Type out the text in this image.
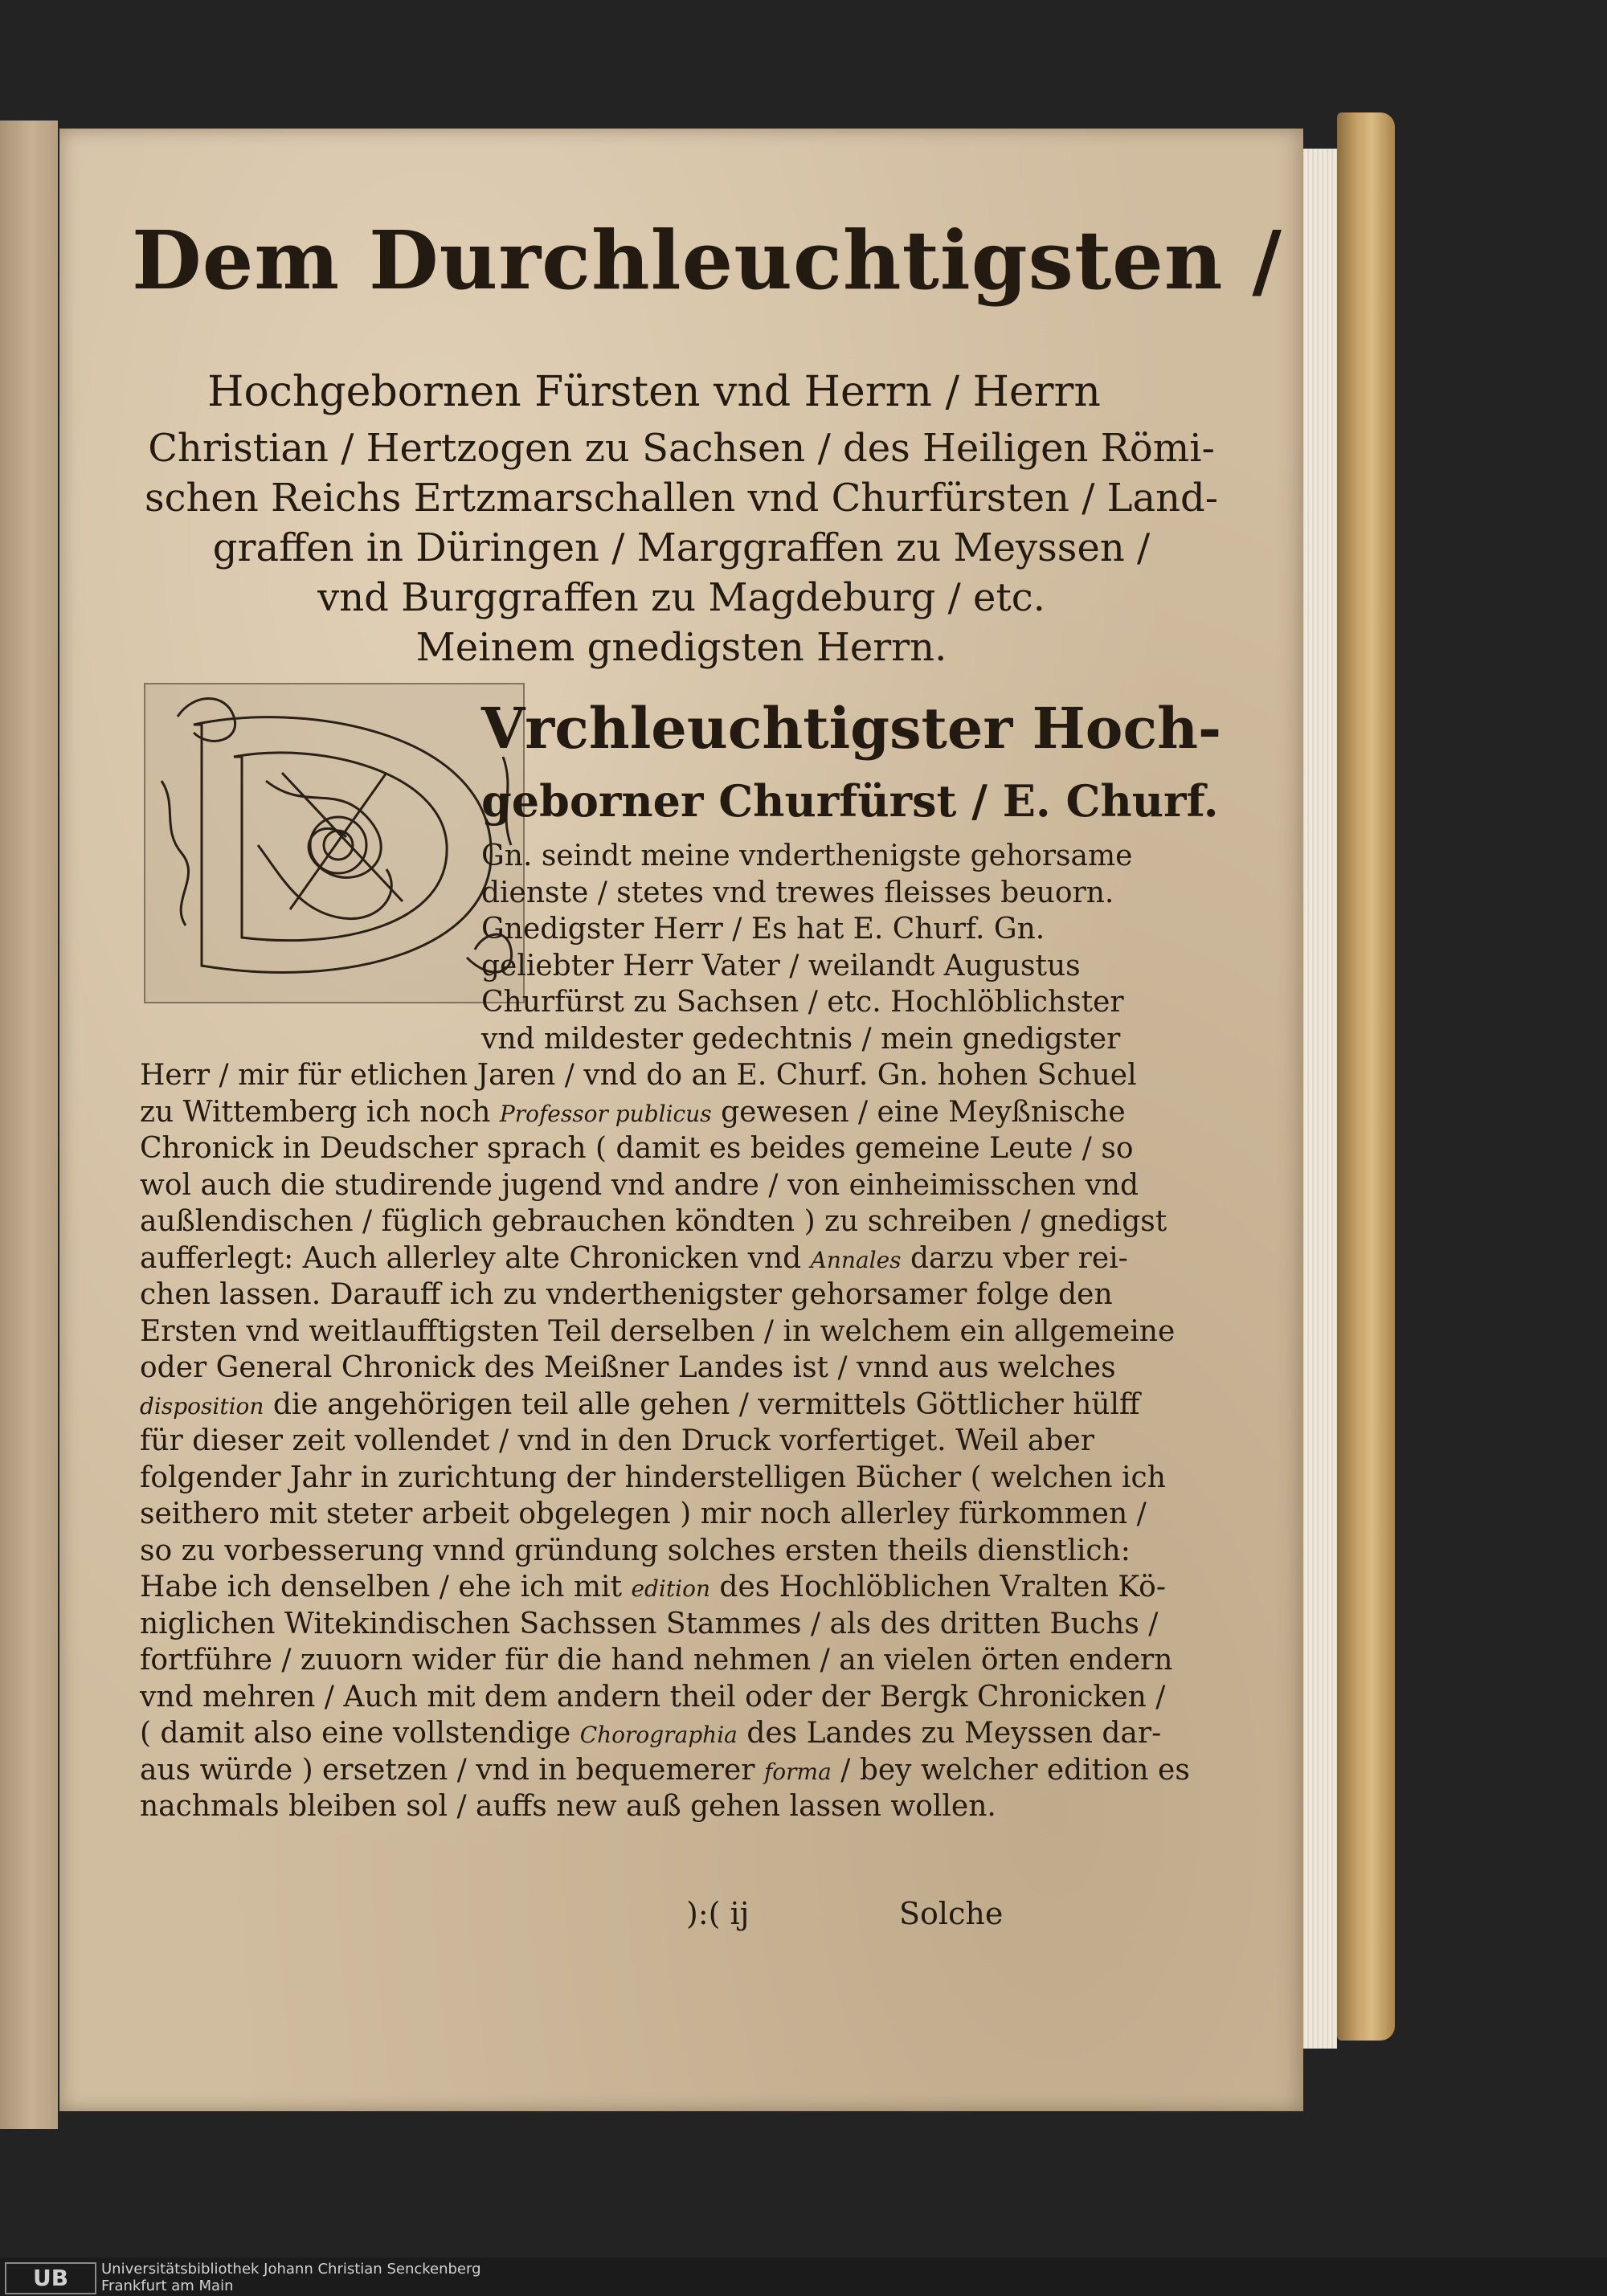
Dem Durchleuchtigsten /
Hochgebornen Fürsten vnd Herrn / Herrn
Christian / Hertzogen zu Sachsen / des Heiligen Römi-
schen Reichs Ertzmarschallen vnd Churfürsten / Land-
graffen in Düringen / Marggraffen zu Meyssen /
vnd Burggraffen zu Magdeburg / etc.
Meinem gnedigsten Herrn.
Vrchleuchtigster Hoch-
geborner Churfürst / E. Churf.
Gn. seindt meine vnderthenigste gehorsame
dienste / stetes vnd trewes fleisses beuorn.
Gnedigster Herr / Es hat E. Churf. Gn.
geliebter Herr Vater / weilandt Augustus
Churfürst zu Sachsen / etc. Hochlöblichster
vnd mildester gedechtnis / mein gnedigster
Herr / mir für etlichen Jaren / vnd do an E. Churf. Gn. hohen Schuel
zu Wittemberg ich noch Professor publicus gewesen / eine Meyßnische
Chronick in Deudscher sprach ( damit es beides gemeine Leute / so
wol auch die studirende jugend vnd andre / von einheimisschen vnd
außlendischen / füglich gebrauchen köndten ) zu schreiben / gnedigst
aufferlegt: Auch allerley alte Chronicken vnd Annales darzu vber rei-
chen lassen. Darauff ich zu vnderthenigster gehorsamer folge den
Ersten vnd weitlaufftigsten Teil derselben / in welchem ein allgemeine
oder General Chronick des Meißner Landes ist / vnnd aus welches
disposition die angehörigen teil alle gehen / vermittels Göttlicher hülff
für dieser zeit vollendet / vnd in den Druck vorfertiget. Weil aber
folgender Jahr in zurichtung der hinderstelligen Bücher ( welchen ich
seithero mit steter arbeit obgelegen ) mir noch allerley fürkommen /
so zu vorbesserung vnnd gründung solches ersten theils dienstlich:
Habe ich denselben / ehe ich mit edition des Hochlöblichen Vralten Kö-
niglichen Witekindischen Sachssen Stammes / als des dritten Buchs /
fortführe / zuuorn wider für die hand nehmen / an vielen örten endern
vnd mehren / Auch mit dem andern theil oder der Bergk Chronicken /
( damit also eine vollstendige Chorographia des Landes zu Meyssen dar-
aus würde ) ersetzen / vnd in bequemerer forma / bey welcher edition es
nachmals bleiben sol / auffs new auß gehen lassen wollen.
):( ij	Solche
UB	Universitätsbibliothek Johann Christian Senckenberg
Frankfurt am Main
